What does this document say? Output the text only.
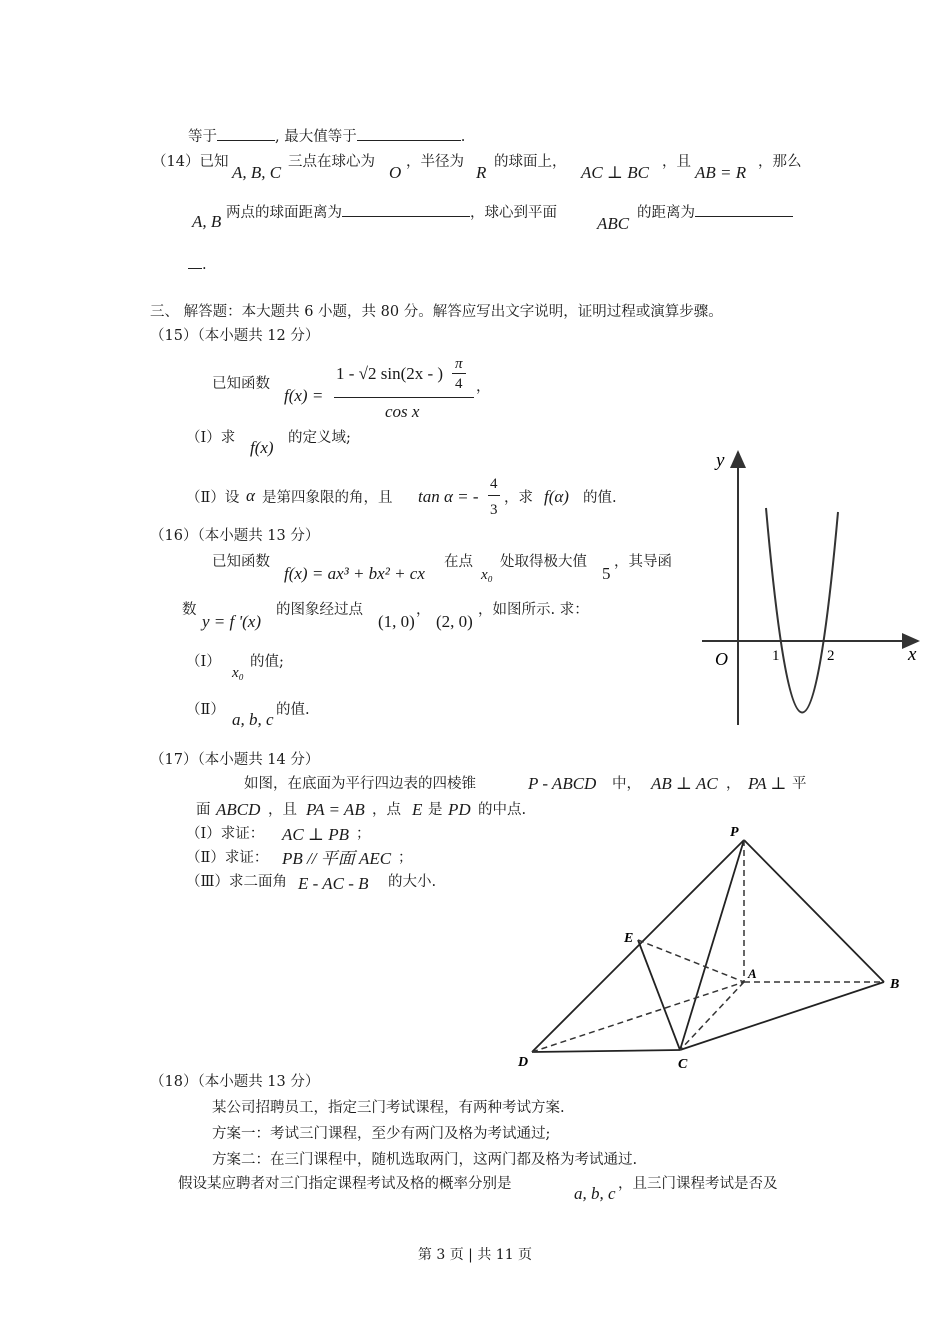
等于	, 最大值等于	.
（14）已知
A, B, C
三点在球心为
O
，半径为
R
的球面上，
AC ⊥ BC
，且
AB = R
，那么
A, B 两点的球面距离为	，球心到平面
ABC
的距离为
.
三、 解答题：本大题共 6 小题，共 80 分。解答应写出文字说明，证明过程或演算步骤。
（15）（本小题共 12 分）
已知函数
f(x) =
1 - √2 sin(2x - ) π
4
cos x
，
（Ⅰ）求 f(x) 的定义域;
（Ⅱ）设 α 是第四象限的角，且 tan α = -
4
3
，求 f(α) 的值.
（16）（本小题共 13 分）
已知函数
f(x) = ax³ + bx² + cx
在点
x₀
处取得极大值
5
，其导函
数
y = f '(x)
的图象经过点
(1, 0)
，
(2, 0)
，如图所示. 求：
（Ⅰ）
x₀
的值;
（Ⅱ） a, b, c 的值.
y
x
O	1	2
（17）（本小题共 14 分）
如图，在底面为平行四边表的四棱锥	P - ABCD 中， AB ⊥ AC ， PA ⊥ 平
面 ABCD ，且 PA = AB ，点 E 是 PD 的中点.
（Ⅰ）求证： AC ⊥ PB ；
（Ⅱ）求证： PB // 平面 AEC ；
（Ⅲ）求二面角 E - AC - B 的大小.
P
E
A
B
D	C
（18）（本小题共 13 分）
某公司招聘员工，指定三门考试课程，有两种考试方案.
方案一：考试三门课程，至少有两门及格为考试通过;
方案二：在三门课程中，随机选取两门，这两门都及格为考试通过.
假设某应聘者对三门指定课程考试及格的概率分别是	a, b, c ，且三门课程考试是否及
第 3 页 | 共 11 页
